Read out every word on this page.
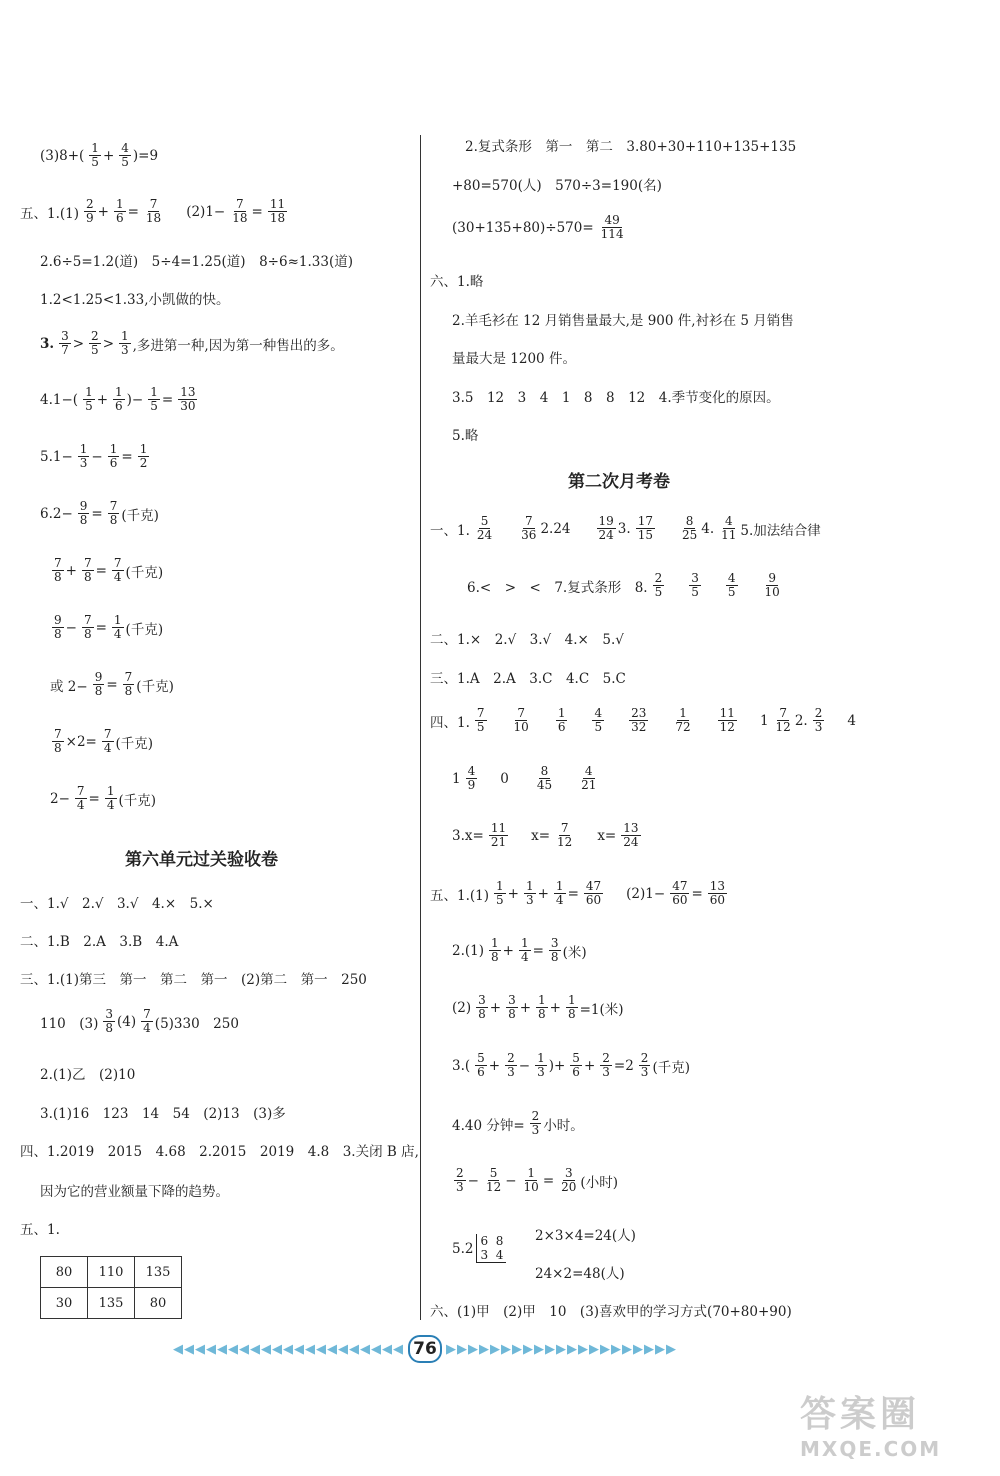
$(3)8+( \frac{1}{5} + \frac{4}{5} )=9$
五、$1.(1) \frac{2}{9} + \frac{1}{6} = \frac{7}{18} (2)1- \frac{7}{18} = \frac{11}{18}$
2.6÷5=1.2(道)　5÷4=1.25(道)　8÷6≈1.33(道)
1.2<1.25<1.33,小凯做的快。
3. $\frac{3}{7} > \frac{2}{5} > \frac{1}{3}$ ,多进第一种,因为第一种售出的多。
$4.1-( \frac{1}{5} + \frac{1}{6}$ )− $\frac{1}{5} = \frac{13}{30}$
$5.1- \frac{1}{3} - \frac{1}{6} = \frac{1}{2}$
$6.2- \frac{9}{8} = \frac{7}{8}$ (千克)
$\frac{7}{8} + \frac{7}{8} = \frac{7}{4}$ (千克)
$\frac{9}{8} - \frac{7}{8} = \frac{1}{4}$ (千克)
或 $2- \frac{9}{8} = \frac{7}{8}$ (千克)
$\frac{7}{8} \times 2= \frac{7}{4}$ (千克)
$2- \frac{7}{4} = \frac{1}{4}$ (千克)
第六单元过关验收卷
一、1.√　2.√　3.√　4.×　5.×
二、1.B　2.A　3.B　4.A
三、1.(1)第三　第一　第二　第一　(2)第二　第一　250
110　$(3) \frac{3}{8} (4) \frac{7}{4} (5)330$　250
2.(1)乙　(2)10
3.(1)16　123　14　54　(2)13　(3)多
四、1.2019　2015　4.68　2.2015　2019　4.8　3.关闭 B 店,
因为它的营业额量下降的趋势。
五、1.
80	110	135
30	135	80
2.复式条形　第一　第二　3.80+30+110+135+135
+80=570(人)　570÷3=190(名)
$(30+135+80)\div 570= \frac{49}{114}$
六、1.略
2.羊毛衫在 12 月销售量最大,是 900 件,衬衫在 5 月销售
量最大是 1200 件。
3.5　12　3　4　1　8　8　12　4.季节变化的原因。
5.略
第二次月考卷
一、1. $\frac{5}{24} \frac{7}{36} 2.24 \frac{19}{24} 3$. $\frac{17}{15} \frac{8}{25} 4$. $\frac{4}{11} 5$.加法结合律
6.<　>　<　7.复式条形　8. $\frac{2}{5} \frac{3}{5} \frac{4}{5} \frac{9}{10}$
二、1.×　2.√　3.√　4.×　5.√
三、1.A　2.A　3.C　4.C　5.C
四、1. $\frac{7}{5} \frac{7}{10} \frac{1}{6} \frac{4}{5} \frac{23}{32} \frac{1}{72} \frac{11}{12} 1 \frac{7}{12} 2$. $\frac{2}{3} 4$
$1 \frac{4}{9} 0 \frac{8}{45} \frac{4}{21}$
$3.x= \frac{11}{21} x= \frac{7}{12} x= \frac{13}{24}$
五、$1.(1) \frac{1}{5} + \frac{1}{3} + \frac{1}{4} = \frac{47}{60} (2)1- \frac{47}{60} = \frac{13}{60}$
$2.(1) \frac{1}{8} + \frac{1}{4} = \frac{3}{8}$ (米)
$(2) \frac{3}{8} + \frac{3}{8} + \frac{1}{8} + \frac{1}{8} =1$(米)
$3.( \frac{5}{6} + \frac{2}{3} - \frac{1}{3}$ )+ $\frac{5}{6} + \frac{2}{3} =2 \frac{2}{3}$ (千克)
4.40 分钟= $\frac{2}{3}$ 小时。
$\frac{2}{3} - \frac{5}{12} - \frac{1}{10} = \frac{3}{20}$ (小时)
5.2 6 8
3 4
2×3×4=24(人)
24×2=48(人)
六、(1)甲　(2)甲　10　(3)喜欢甲的学习方式(70+80+90)
◀◀◀◀◀◀◀◀◀◀◀◀◀◀◀◀◀◀◀◀◀ 76 ▶▶▶▶▶▶▶▶▶▶▶▶▶▶▶▶▶▶▶▶▶
答案圈
MXQE.COM
